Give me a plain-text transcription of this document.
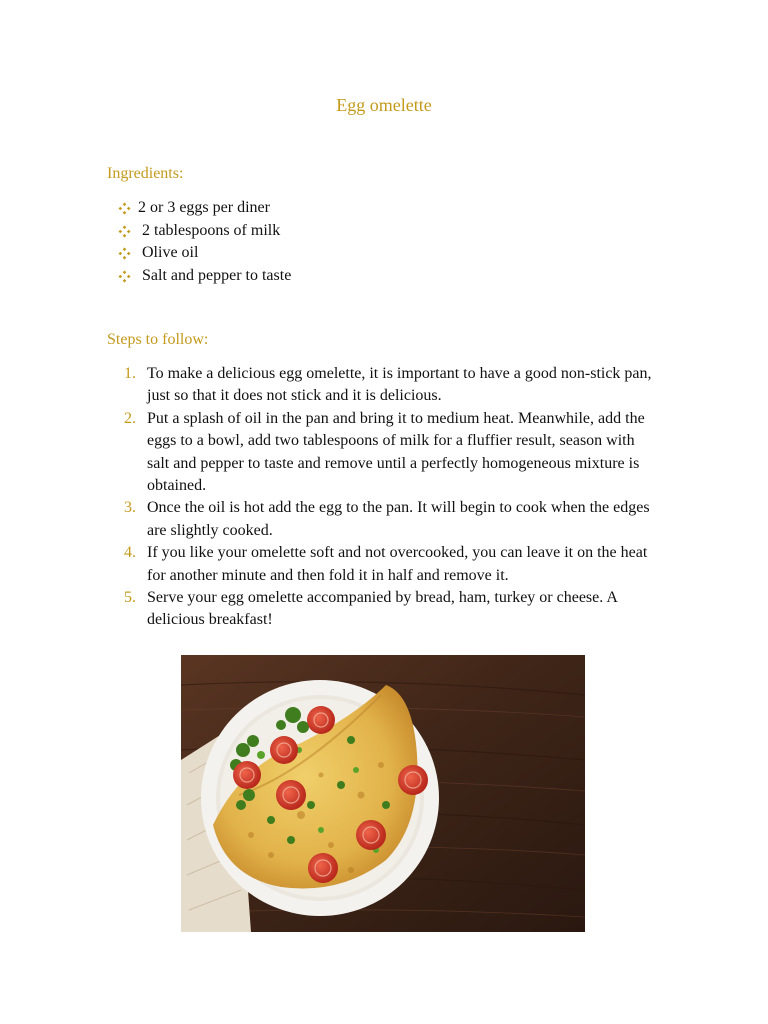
Egg omelette
Ingredients:
2 or 3 eggs per diner
2 tablespoons of milk
Olive oil
Salt and pepper to taste
Steps to follow:
1. To make a delicious egg omelette, it is important to have a good non-stick pan, just so that it does not stick and it is delicious.
2. Put a splash of oil in the pan and bring it to medium heat. Meanwhile, add the eggs to a bowl, add two tablespoons of milk for a fluffier result, season with salt and pepper to taste and remove until a perfectly homogeneous mixture is obtained.
3. Once the oil is hot add the egg to the pan. It will begin to cook when the edges are slightly cooked.
4. If you like your omelette soft and not overcooked, you can leave it on the heat for another minute and then fold it in half and remove it.
5. Serve your egg omelette accompanied by bread, ham, turkey or cheese. A delicious breakfast!
